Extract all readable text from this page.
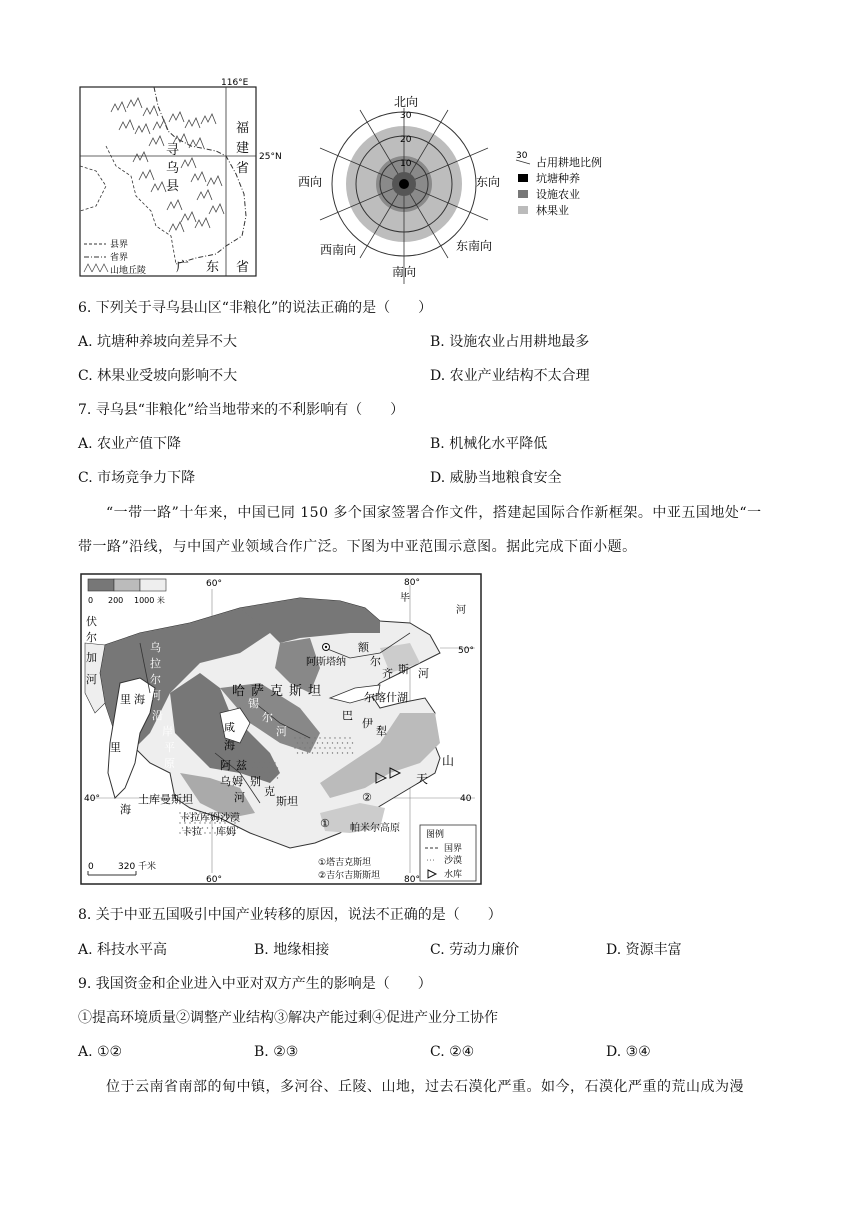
116°E
福
建
省
25°N
寻
乌
县
广 东 省
县界
省界
山地丘陵
北向
西向	东向
西南向	东南向
南向
30
20
10
30 占用耕地比例
坑塘种养
设施农业
林果业
6. 下列关于寻乌县山区“非粮化”的说法正确的是（　　）
A. 坑塘种养坡向差异不大	B. 设施农业占用耕地最多
C. 林果业受坡向影响不大	D. 农业产业结构不太合理
7. 寻乌县“非粮化”给当地带来的不利影响有（　　）
A. 农业产值下降	B. 机械化水平降低
C. 市场竞争力下降	D. 威胁当地粮食安全
“一带一路”十年来，中国已同 150 多个国家签署合作文件，搭建起国际合作新框架。中亚五国地处“一
带一路”沿线，与中国产业领域合作广泛。下图为中亚范围示意图。据此完成下面小题。
0 200 1000 米
60°	80°
60°	80°
50°
40°	40
阿斯塔纳
毕
河
伏
尔
加
河
乌
拉
尔
河
里 海
沿
岸
平
原
里
海
额
尔
齐 斯 河
哈萨克斯坦	尔喀什湖
巴
伊
犁
咸
海
锡
尔
河
阿
姆
河
乌
兹
别
克
斯坦
土库曼斯坦
卡拉库姆沙漠
卡拉 库姆
天
山
②
① 帕米尔高原
图例
国界
⋯ 沙漠
水库
0	320 千米	①塔吉克斯坦
②吉尔吉斯斯坦
8. 关于中亚五国吸引中国产业转移的原因，说法不正确的是（　　）
A. 科技水平高	B. 地缘相接	C. 劳动力廉价	D. 资源丰富
9. 我国资金和企业进入中亚对双方产生的影响是（　　）
①提高环境质量②调整产业结构③解决产能过剩④促进产业分工协作
A. ①②	B. ②③	C. ②④	D. ③④
位于云南省南部的甸中镇，多河谷、丘陵、山地，过去石漠化严重。如今，石漠化严重的荒山成为漫
